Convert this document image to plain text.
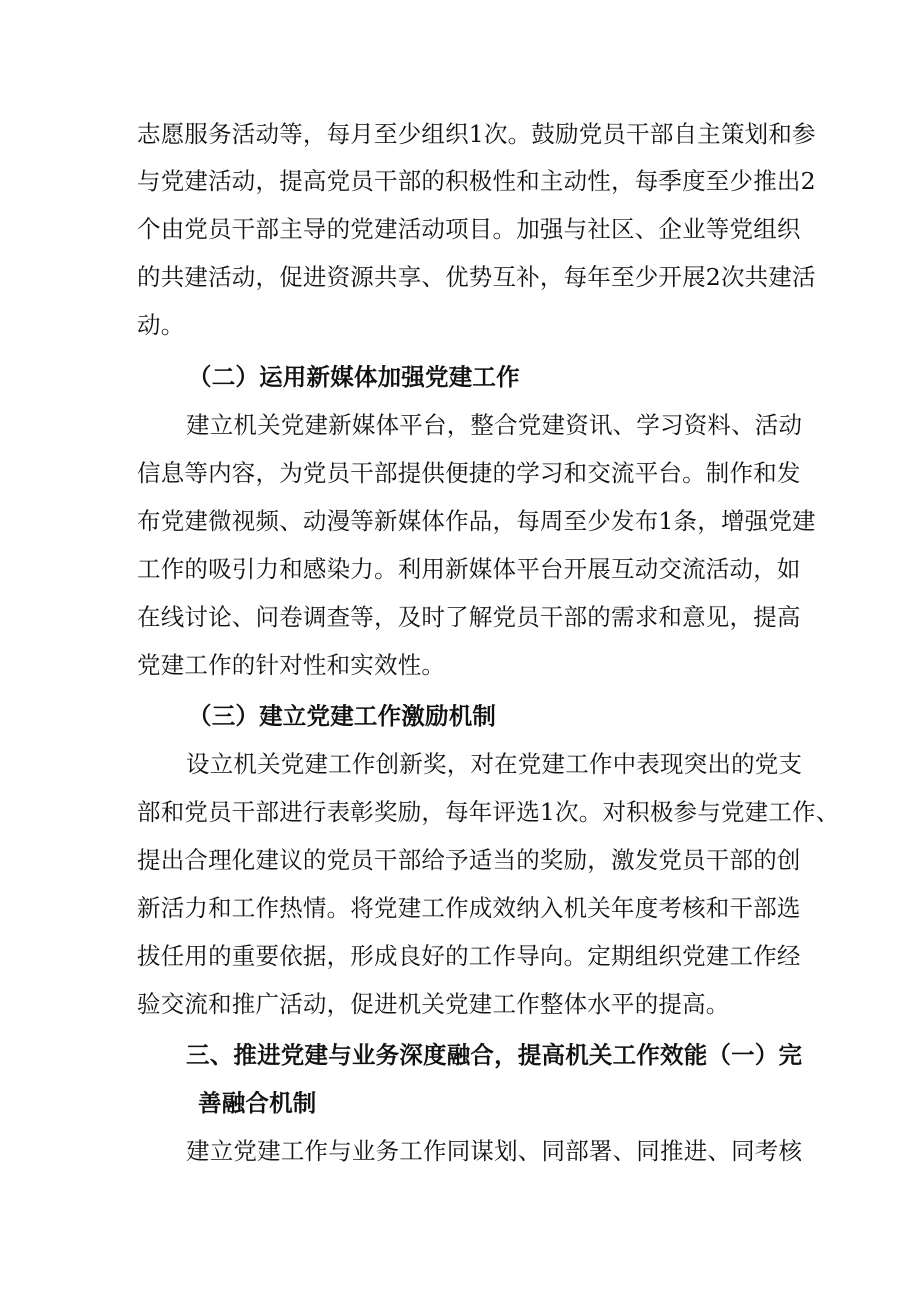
志愿服务活动等，每月至少组织1次。鼓励党员干部自主策划和参
与党建活动，提高党员干部的积极性和主动性，每季度至少推出2
个由党员干部主导的党建活动项目。加强与社区、企业等党组织
的共建活动，促进资源共享、优势互补，每年至少开展2次共建活
动。
（二）运用新媒体加强党建工作
建立机关党建新媒体平台，整合党建资讯、学习资料、活动
信息等内容，为党员干部提供便捷的学习和交流平台。制作和发
布党建微视频、动漫等新媒体作品，每周至少发布1条，增强党建
工作的吸引力和感染力。利用新媒体平台开展互动交流活动，如
在线讨论、问卷调查等，及时了解党员干部的需求和意见，提高
党建工作的针对性和实效性。
（三）建立党建工作激励机制
设立机关党建工作创新奖，对在党建工作中表现突出的党支
部和党员干部进行表彰奖励，每年评选1次。对积极参与党建工作、
提出合理化建议的党员干部给予适当的奖励，激发党员干部的创
新活力和工作热情。将党建工作成效纳入机关年度考核和干部选
拔任用的重要依据，形成良好的工作导向。定期组织党建工作经
验交流和推广活动，促进机关党建工作整体水平的提高。
三、推进党建与业务深度融合，提高机关工作效能（一）完
善融合机制
建立党建工作与业务工作同谋划、同部署、同推进、同考核
